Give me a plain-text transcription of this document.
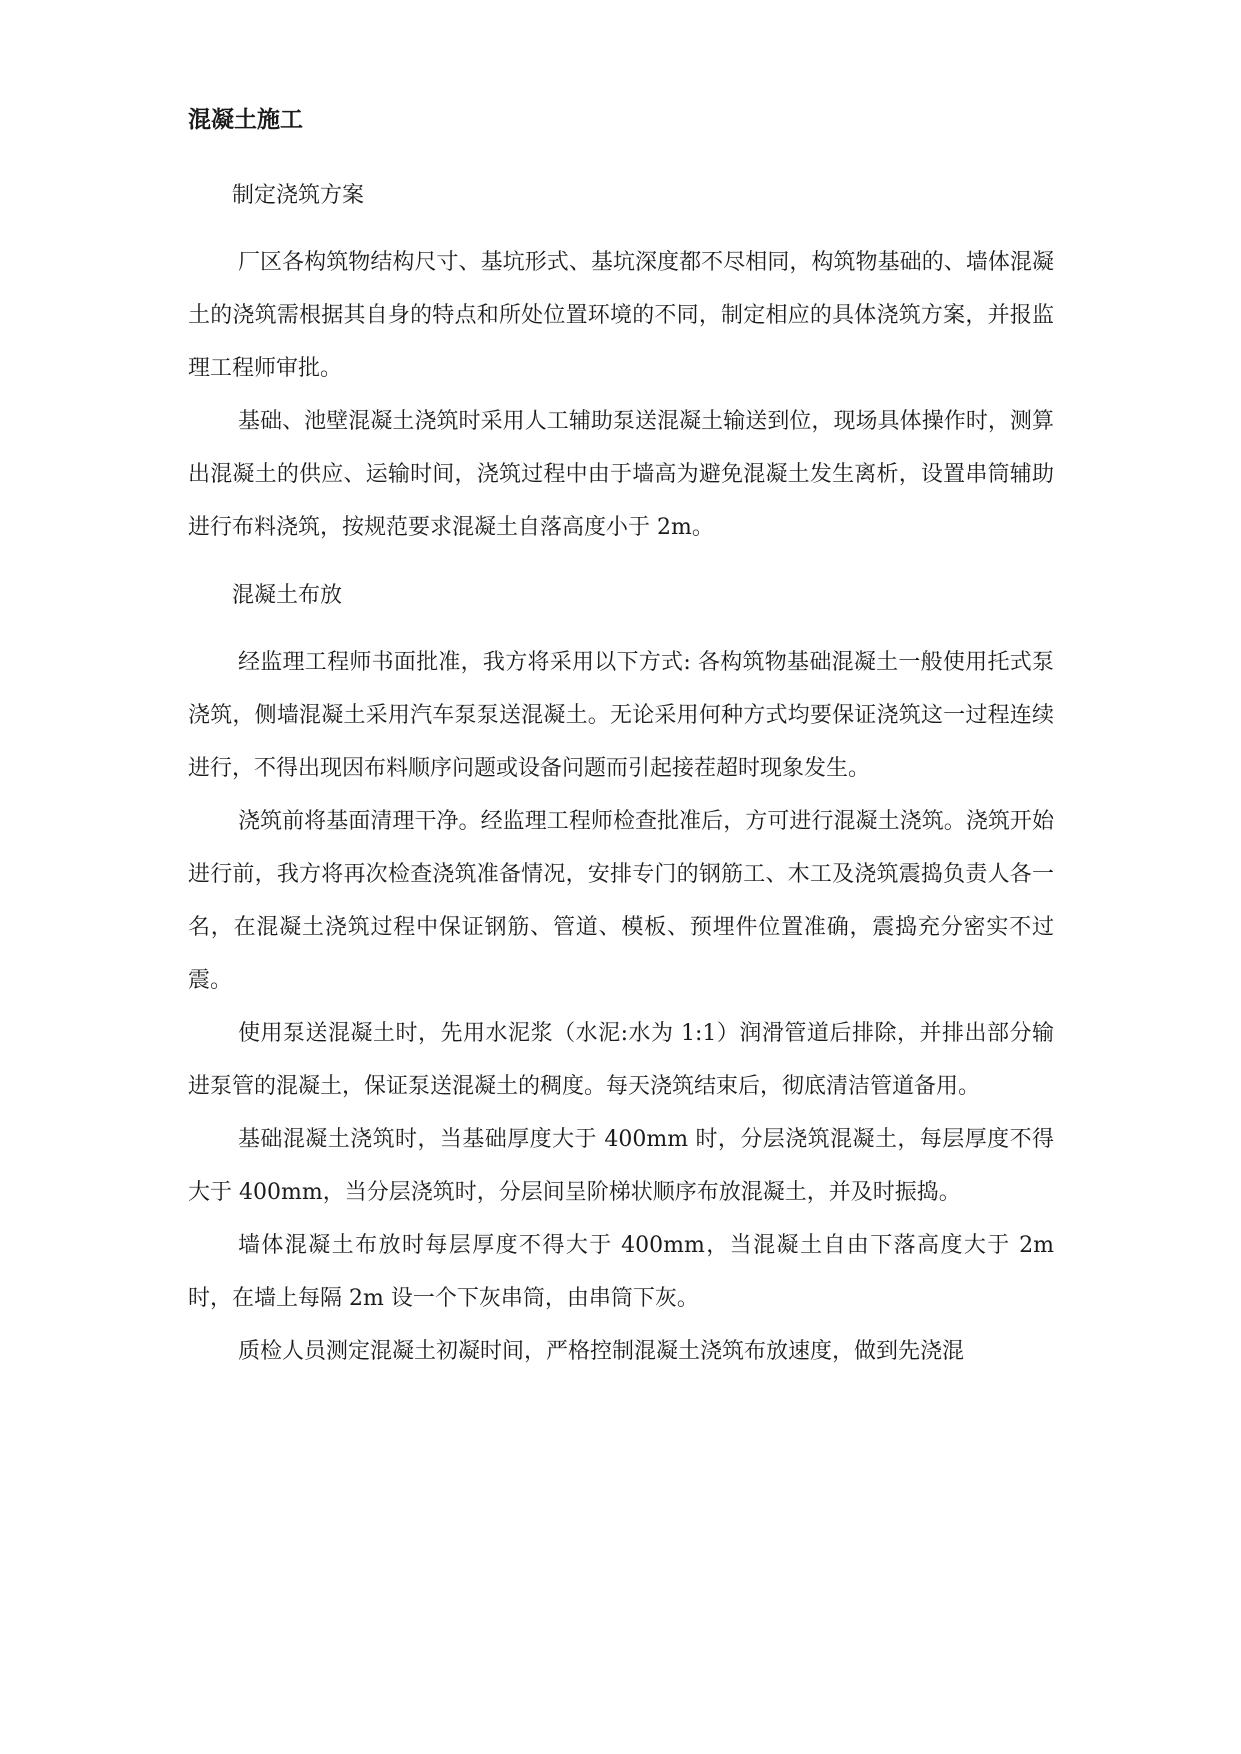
混凝土施工
制定浇筑方案

厂区各构筑物结构尺寸、基坑形式、基坑深度都不尽相同，构筑物基础的、墙体混凝土的浇筑需根据其自身的特点和所处位置环境的不同，制定相应的具体浇筑方案，并报监理工程师审批。

基础、池壁混凝土浇筑时采用人工辅助泵送混凝土输送到位，现场具体操作时，测算出混凝土的供应、运输时间，浇筑过程中由于墙高为避免混凝土发生离析，设置串筒辅助进行布料浇筑，按规范要求混凝土自落高度小于 2m。

混凝土布放

经监理工程师书面批准，我方将采用以下方式: 各构筑物基础混凝土一般使用托式泵浇筑，侧墙混凝土采用汽车泵泵送混凝土。无论采用何种方式均要保证浇筑这一过程连续进行，不得出现因布料顺序问题或设备问题而引起接茬超时现象发生。

浇筑前将基面清理干净。经监理工程师检查批准后，方可进行混凝土浇筑。浇筑开始进行前，我方将再次检查浇筑准备情况，安排专门的钢筋工、木工及浇筑震捣负责人各一名，在混凝土浇筑过程中保证钢筋、管道、模板、预埋件位置准确，震捣充分密实不过震。

使用泵送混凝土时，先用水泥浆（水泥:水为 1:1）润滑管道后排除，并排出部分输进泵管的混凝土，保证泵送混凝土的稠度。每天浇筑结束后，彻底清洁管道备用。

基础混凝土浇筑时，当基础厚度大于 400mm 时，分层浇筑混凝土，每层厚度不得大于 400mm，当分层浇筑时，分层间呈阶梯状顺序布放混凝土，并及时振捣。

墙体混凝土布放时每层厚度不得大于 400mm，当混凝土自由下落高度大于 2m 时，在墙上每隔 2m 设一个下灰串筒，由串筒下灰。

质检人员测定混凝土初凝时间，严格控制混凝土浇筑布放速度，做到先浇混
